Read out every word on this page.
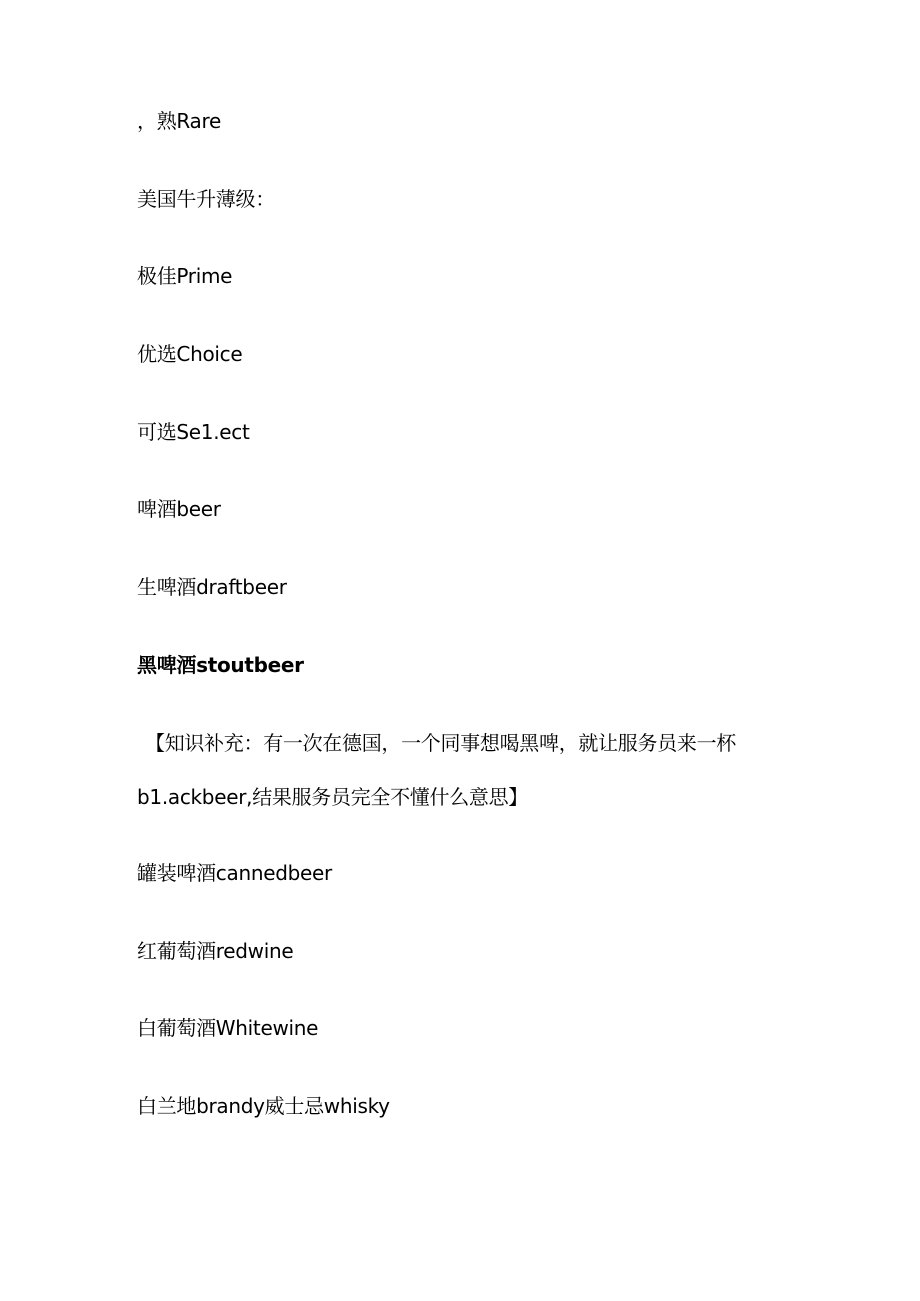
，熟Rare
美国牛升薄级：
极佳Prime
优选Choice
可选Se1.ect
啤酒beer
生啤酒draftbeer
黑啤酒stoutbeer
【知识补充：有一次在德国，一个同事想喝黑啤，就让服务员来一杯
b1.ackbeer,结果服务员完全不懂什么意思】
罐装啤酒cannedbeer
红葡萄酒redwine
白葡萄酒Whitewine
白兰地brandy威士忌whisky
